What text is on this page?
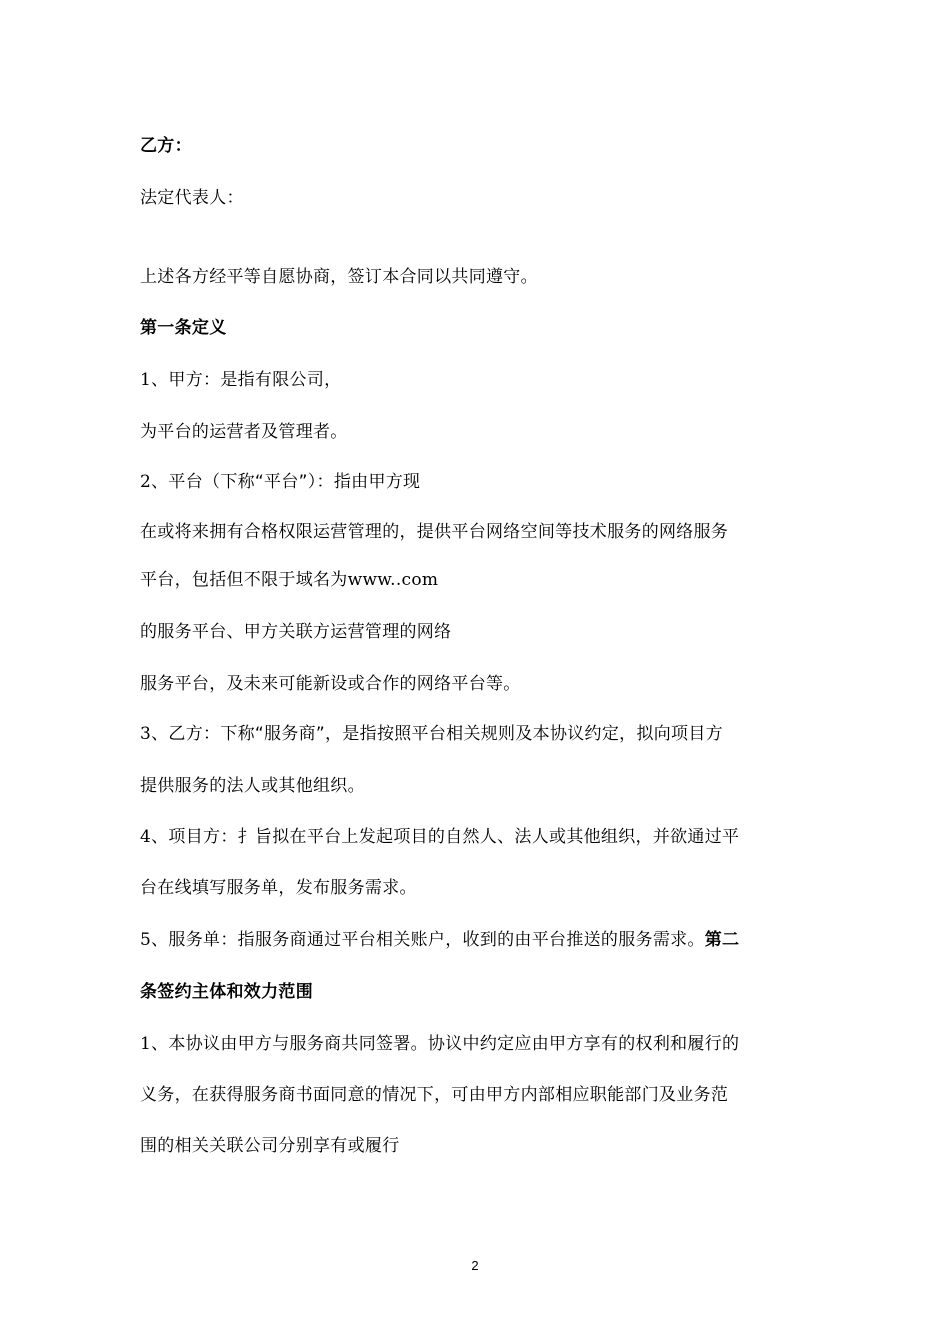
乙方：
法定代表人：
上述各方经平等自愿协商，签订本合同以共同遵守。
第一条定义
1、甲方：是指有限公司，
为平台的运营者及管理者。
2、平台（下称“平台”）：指由甲方现
在或将来拥有合格权限运营管理的，提供平台网络空间等技术服务的网络服务
平台，包括但不限于域名为www..com
的服务平台、甲方关联方运营管理的网络
服务平台，及未来可能新设或合作的网络平台等。
3、乙方：下称“服务商”，是指按照平台相关规则及本协议约定，拟向项目方
提供服务的法人或其他组织。
4、项目方：扌旨拟在平台上发起项目的自然人、法人或其他组织，并欲通过平
台在线填写服务单，发布服务需求。
5、服务单：指服务商通过平台相关账户，收到的由平台推送的服务需求。第二
条签约主体和效力范围
1、本协议由甲方与服务商共同签署。协议中约定应由甲方享有的权利和履行的
义务，在获得服务商书面同意的情况下，可由甲方内部相应职能部门及业务范
围的相关关联公司分别享有或履行
2
